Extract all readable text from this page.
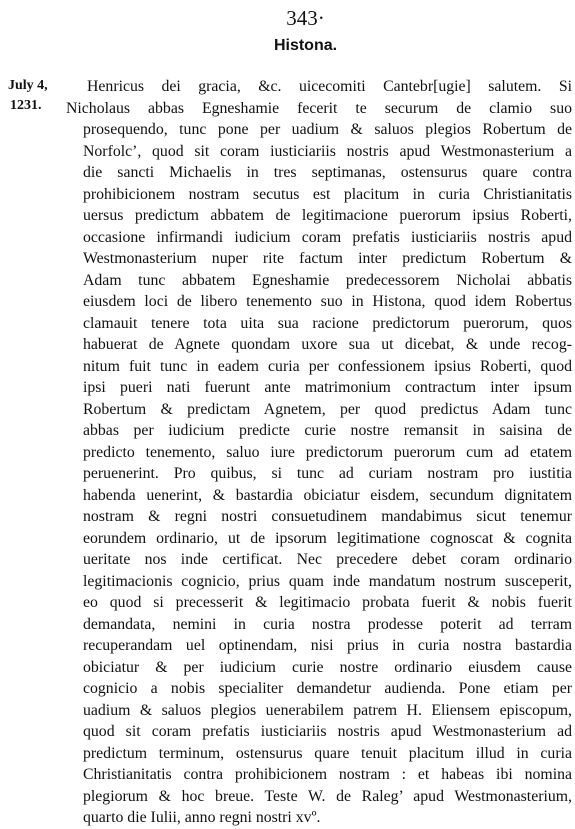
343·
Histona.
July 4,
1231.
Henricus dei gracia, &c. uicecomiti Cantebr[ugie] salutem. Si
Nicholaus abbas Egneshamie fecerit te securum de clamio suo
prosequendo, tunc pone per uadium & saluos plegios Robertum de
Norfolc’, quod sit coram iusticiariis nostris apud Westmonasterium a
die sancti Michaelis in tres septimanas, ostensurus quare contra
prohibicionem nostram secutus est placitum in curia Christianitatis
uersus predictum abbatem de legitimacione puerorum ipsius Roberti,
occasione infirmandi iudicium coram prefatis iusticiariis nostris apud
Westmonasterium nuper rite factum inter predictum Robertum &
Adam tunc abbatem Egneshamie predecessorem Nicholai abbatis
eiusdem loci de libero tenemento suo in Histona, quod idem Robertus
clamauit tenere tota uita sua racione predictorum puerorum, quos
habuerat de Agnete quondam uxore sua ut dicebat, & unde recog-
nitum fuit tunc in eadem curia per confessionem ipsius Roberti, quod
ipsi pueri nati fuerunt ante matrimonium contractum inter ipsum
Robertum & predictam Agnetem, per quod predictus Adam tunc
abbas per iudicium predicte curie nostre remansit in saisina de
predicto tenemento, saluo iure predictorum puerorum cum ad etatem
peruenerint. Pro quibus, si tunc ad curiam nostram pro iustitia
habenda uenerint, & bastardia obiciatur eisdem, secundum dignitatem
nostram & regni nostri consuetudinem mandabimus sicut tenemur
eorundem ordinario, ut de ipsorum legitimatione cognoscat & cognita
ueritate nos inde certificat. Nec precedere debet coram ordinario
legitimacionis cognicio, prius quam inde mandatum nostrum susceperit,
eo quod si precesserit & legitimacio probata fuerit & nobis fuerit
demandata, nemini in curia nostra prodesse poterit ad terram
recuperandam uel optinendam, nisi prius in curia nostra bastardia
obiciatur & per iudicium curie nostre ordinario eiusdem cause
cognicio a nobis specialiter demandetur audienda. Pone etiam per
uadium & saluos plegios uenerabilem patrem H. Eliensem episcopum,
quod sit coram prefatis iusticiariis nostris apud Westmonasterium ad
predictum terminum, ostensurus quare tenuit placitum illud in curia
Christianitatis contra prohibicionem nostram : et habeas ibi nomina
plegiorum & hoc breue. Teste W. de Raleg’ apud Westmonasterium,
quarto die Iulii, anno regni nostri xvº.
